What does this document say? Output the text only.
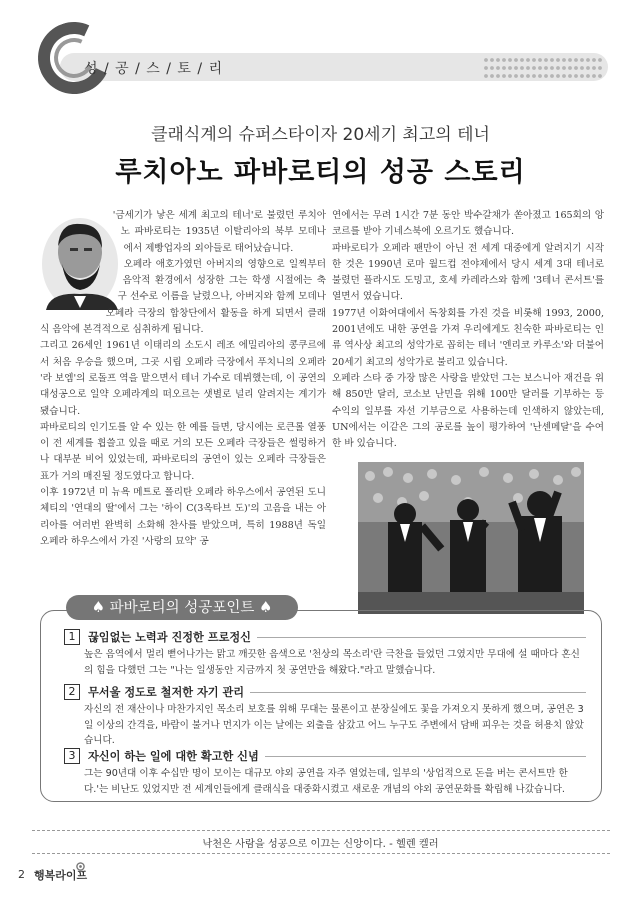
성 / 공 / 스 / 토 / 리
클래식계의 슈퍼스타이자 20세기 최고의 테너
루치아노 파바로티의 성공 스토리

'금세기가 낳은 세계 최고의 테너'로 불렸던 루치아노 파바로티는 1935년 이탈리아의 북부 모데나에서 제빵업자의 외아들로 태어났습니다.

오페라 애호가였던 아버지의 영향으로 일찍부터 음악적 환경에서 성장한 그는 학생 시절에는 축구 선수로 이름을 날렸으나, 아버지와 함께 모데나 오페라 극장의 합창단에서 활동을 하게 되면서 클래식 음악에 본격적으로 심취하게 됩니다.

그리고 26세인 1961년 이태리의 소도시 레조 에밀리아의 콩쿠르에서 처음 우승을 했으며, 그곳 시립 오페라 극장에서 푸치니의 오페라 '라 보엠'의 로돌프 역을 맡으면서 테너 가수로 데뷔했는데, 이 공연의 대성공으로 일약 오페라계의 떠오르는 샛별로 널리 알려지는 계기가 됐습니다.

파바로티의 인기도를 알 수 있는 한 예를 들면, 당시에는 로큰롤 열풍이 전 세계를 휩쓸고 있을 때로 거의 모든 오페라 극장들은 썰렁하거나 대부분 비어 있었는데, 파바로티의 공연이 있는 오페라 극장들은 표가 거의 매진될 정도였다고 합니다.

이후 1972년 미 뉴욕 메트로 폴리탄 오페라 하우스에서 공연된 도니체티의 '연대의 딸'에서 그는 '하이 C(3옥타브 도)'의 고음을 내는 아리아를 여러번 완벽히 소화해 찬사를 받았으며, 특히 1988년 독일 오페라 하우스에서 가진 '사랑의 묘약' 공

연에서는 무려 1시간 7분 동안 박수갈채가 쏟아졌고 165회의 앙코르를 받아 기네스북에 오르기도 했습니다.

파바로티가 오페라 팬만이 아닌 전 세계 대중에게 알려지기 시작한 것은 1990년 로마 월드컵 전야제에서 당시 세계 3대 테너로 불렸던 플라시도 도밍고, 호세 카레라스와 함께 '3테너 콘서트'를 열면서 였습니다.

1977년 이화여대에서 독창회를 가진 것을 비롯해 1993, 2000, 2001년에도 내한 공연을 가져 우리에게도 친숙한 파바로티는 인류 역사상 최고의 성악가로 꼽히는 테너 '엔리코 카루소'와 더불어 20세기 최고의 성악가로 불리고 있습니다.

오페라 스타 중 가장 많은 사랑을 받았던 그는 보스니아 재건을 위해 850만 달러, 코소보 난민을 위해 100만 달러를 기부하는 등 수익의 일부를 자선 기부금으로 사용하는데 인색하지 않았는데, UN에서는 이같은 그의 공로를 높이 평가하여 '난센메달'을 수여한 바 있습니다.

♠ 파바로티의 성공포인트 ♠
1	끊임없는 노력과 진정한 프로정신
높은 음역에서 멀리 뻗어나가는 맑고 깨끗한 음색으로 '천상의 목소리'란 극찬을 들었던 그였지만 무대에 설 때마다 혼신의 힘을 다했던 그는 "나는 일생동안 지금까지 첫 공연만을 해왔다."라고 말했습니다.
2	무서울 정도로 철저한 자기 관리
자신의 전 재산이나 마찬가지인 목소리 보호를 위해 무대는 물론이고 분장실에도 꽃을 가져오지 못하게 했으며, 공연은 3일 이상의 간격을, 바람이 불거나 먼지가 이는 날에는 외출을 삼갔고 어느 누구도 주변에서 담배 피우는 것을 허용치 않았습니다.
3	자신이 하는 일에 대한 확고한 신념
그는 90년대 이후 수십만 명이 모이는 대규모 야외 공연을 자주 열었는데, 일부의 '상업적으로 돈을 버는 콘서트만 한다.'는 비난도 있었지만 전 세계인들에게 클래식을 대중화시켰고 새로운 개념의 야외 공연문화를 확립해 나갔습니다.
낙천은 사람을 성공으로 이끄는 신앙이다. - 헬렌 켈러
2 행복라이프
